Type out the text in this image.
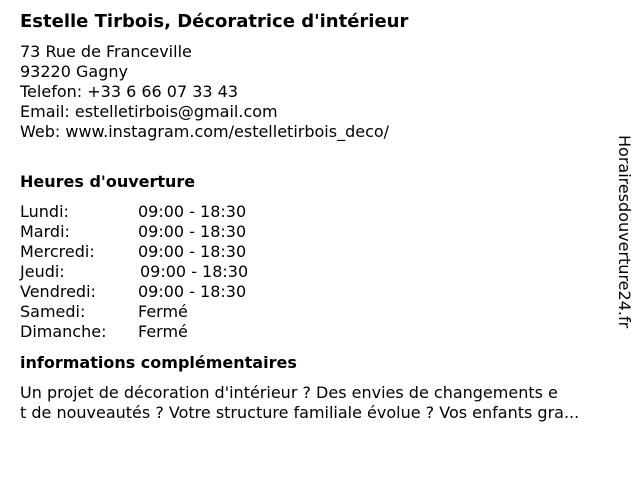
Estelle Tirbois, Décoratrice d'intérieur
73 Rue de Franceville
93220 Gagny
Telefon: +33 6 66 07 33 43
Email: estelletirbois@gmail.com
Web: www.instagram.com/estelletirbois_deco/
Heures d'ouverture
Lundi:	09:00 - 18:30
Mardi:	09:00 - 18:30
Mercredi:	09:00 - 18:30
Jeudi:	09:00 - 18:30
Vendredi:	09:00 - 18:30
Samedi:	Fermé
Dimanche: Fermé
informations complémentaires
Un projet de décoration d'intérieur ? Des envies de changements e
t de nouveautés ? Votre structure familiale évolue ? Vos enfants gra...
Horairesdouverture24.fr
